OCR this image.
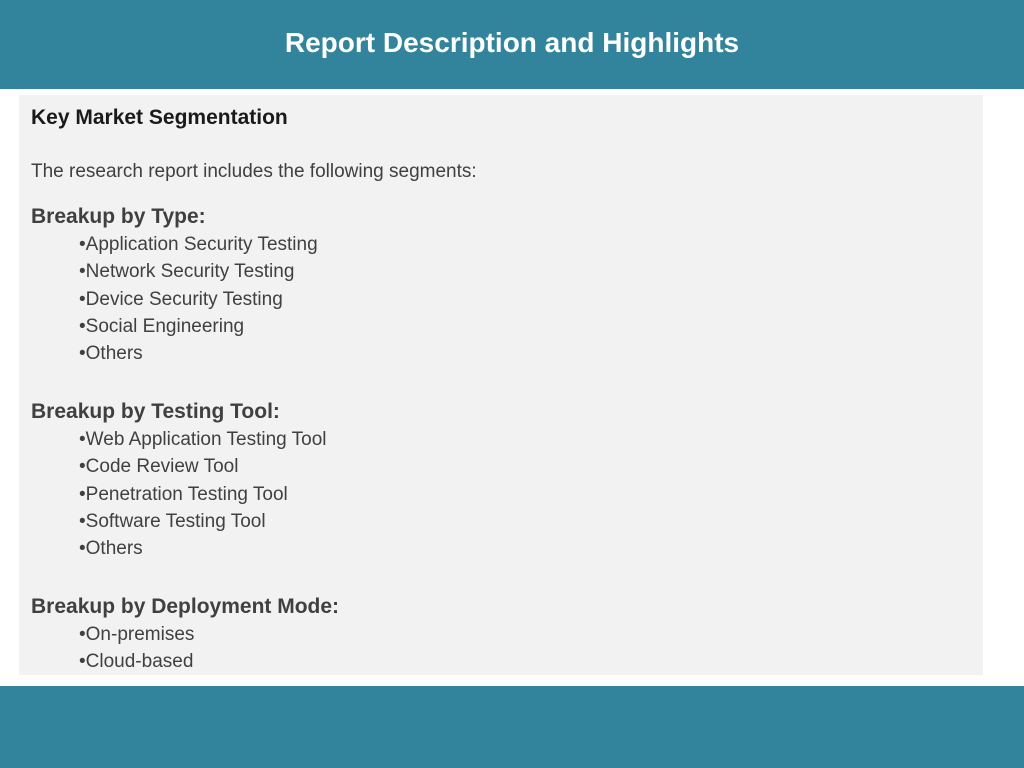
Report Description and Highlights
Key Market Segmentation
The research report includes the following segments:
Breakup by Type:
•Application Security Testing
•Network Security Testing
•Device Security Testing
•Social Engineering
•Others
Breakup by Testing Tool:
•Web Application Testing Tool
•Code Review Tool
•Penetration Testing Tool
•Software Testing Tool
•Others
Breakup by Deployment Mode:
•On-premises
•Cloud-based
